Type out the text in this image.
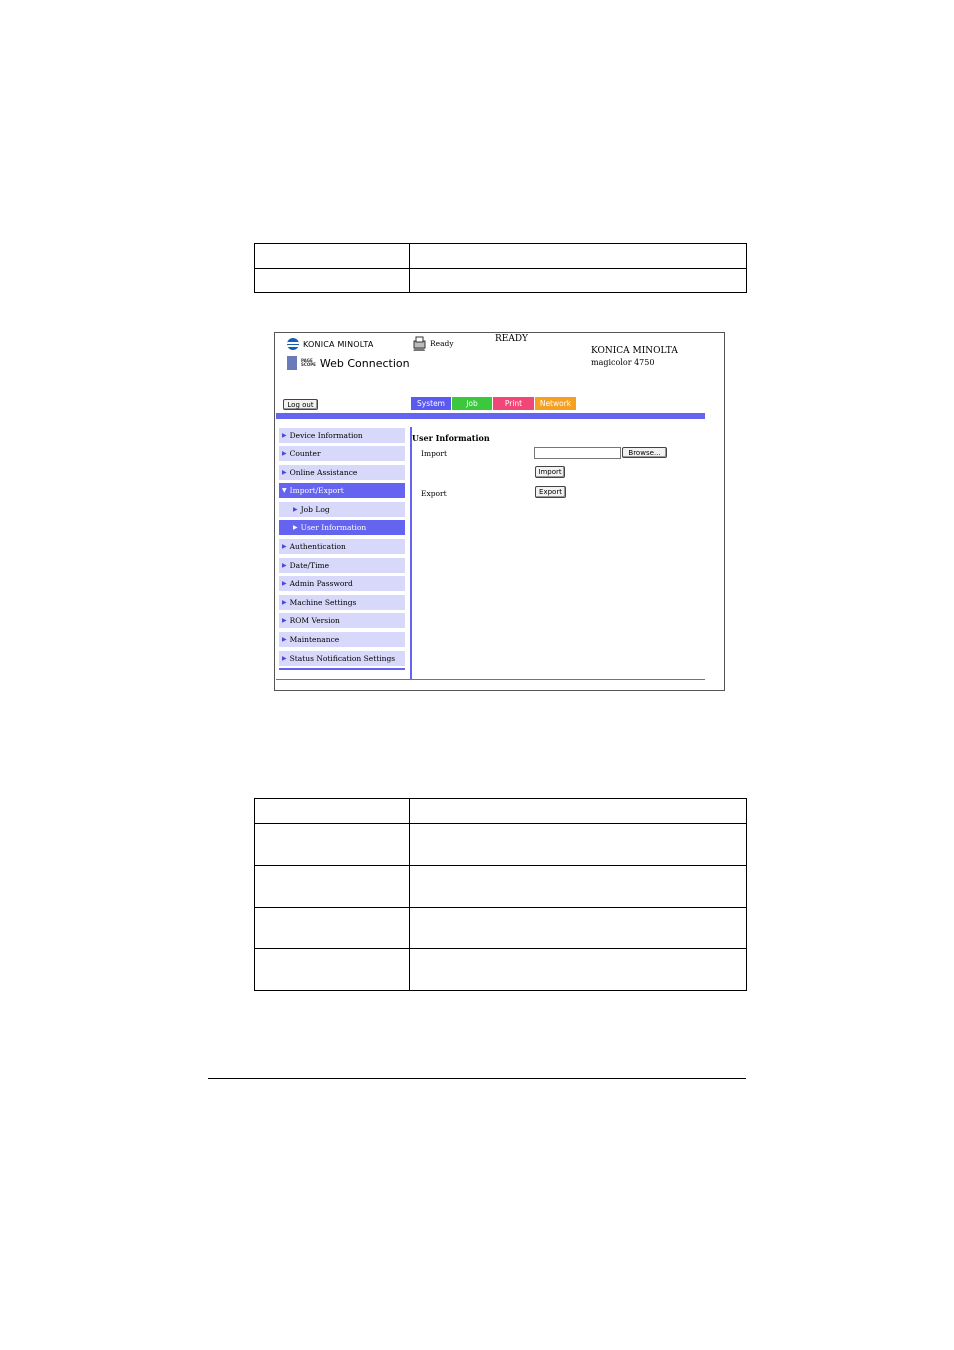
KONICA MINOLTA
PAGE
SCOPE Web Connection
Ready	READY
KONICA MINOLTA
magicolor 4750
Log out	System	Job	Print	Network
▶ Device Information
▶ Counter
▶ Online Assistance
▼ Import/Export
▶ Job Log
▶ User Information
▶ Authentication
▶ Date/Time
▶ Admin Password
▶ Machine Settings
▶ ROM Version
▶ Maintenance
▶ Status Notification Settings
User Information
Import	Browse...
Import
Export	Export
